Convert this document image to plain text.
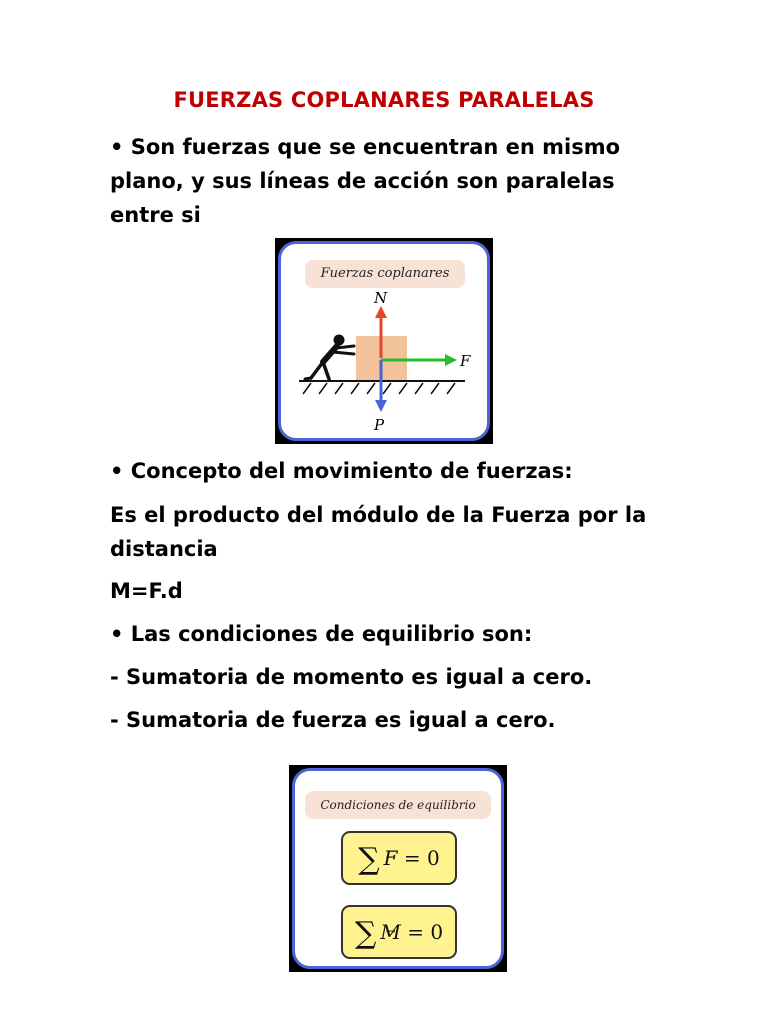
FUERZAS COPLANARES PARALELAS
• Son fuerzas que se encuentran en mismo plano, y sus líneas de acción son paralelas entre si
Fuerzas coplanares
N
F
P
• Concepto del movimiento de fuerzas:
Es el producto del módulo de la Fuerza por la distancia
M=F.d
• Las condiciones de equilibrio son:
- Sumatoria de momento es igual a cero.
- Sumatoria de fuerza es igual a cero.
Condiciones de equilibrio
∑ → F = 0
∑ → M = 0
